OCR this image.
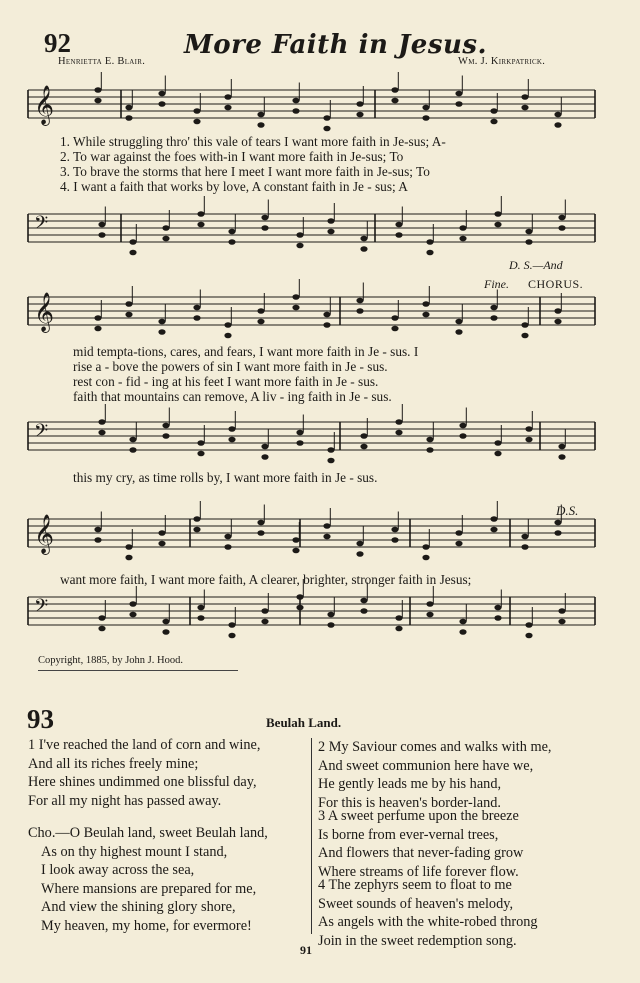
92	More Faith in Jesus.
Henrietta E. Blair.	Wm. J. Kirkpatrick.
𝄞
𝄢
𝄞
𝄢
𝄞
𝄢
1. While struggling thro' this vale of tears I want more faith in Je-sus; A-
2. To war against the foes with-in I want more faith in Je-sus; To
3. To brave the storms that here I meet I want more faith in Je-sus; To
4. I want a faith that works by love, A constant faith in Je - sus; A
D. S.—And
Fine. CHORUS.
mid tempta-tions, cares, and fears, I want more faith in Je - sus. I
rise a - bove the powers of sin I want more faith in Je - sus.
rest con - fid - ing at his feet I want more faith in Je - sus.
faith that mountains can remove, A liv - ing faith in Je - sus.
this my cry, as time rolls by, I want more faith in Je - sus.
D.S.
want more faith, I want more faith, A clearer, brighter, stronger faith in Jesus;
Copyright, 1885, by John J. Hood.
93	Beulah Land.
1 I've reached the land of corn and wine,
And all its riches freely mine;
Here shines undimmed one blissful day,
For all my night has passed away.
Cho.—O Beulah land, sweet Beulah land,
As on thy highest mount I stand,
I look away across the sea,
Where mansions are prepared for me,
And view the shining glory shore,
My heaven, my home, for evermore!
2 My Saviour comes and walks with me,
And sweet communion here have we,
He gently leads me by his hand,
For this is heaven's border-land.
3 A sweet perfume upon the breeze
Is borne from ever-vernal trees,
And flowers that never-fading grow
Where streams of life forever flow.
4 The zephyrs seem to float to me
Sweet sounds of heaven's melody,
As angels with the white-robed throng
Join in the sweet redemption song.
91
